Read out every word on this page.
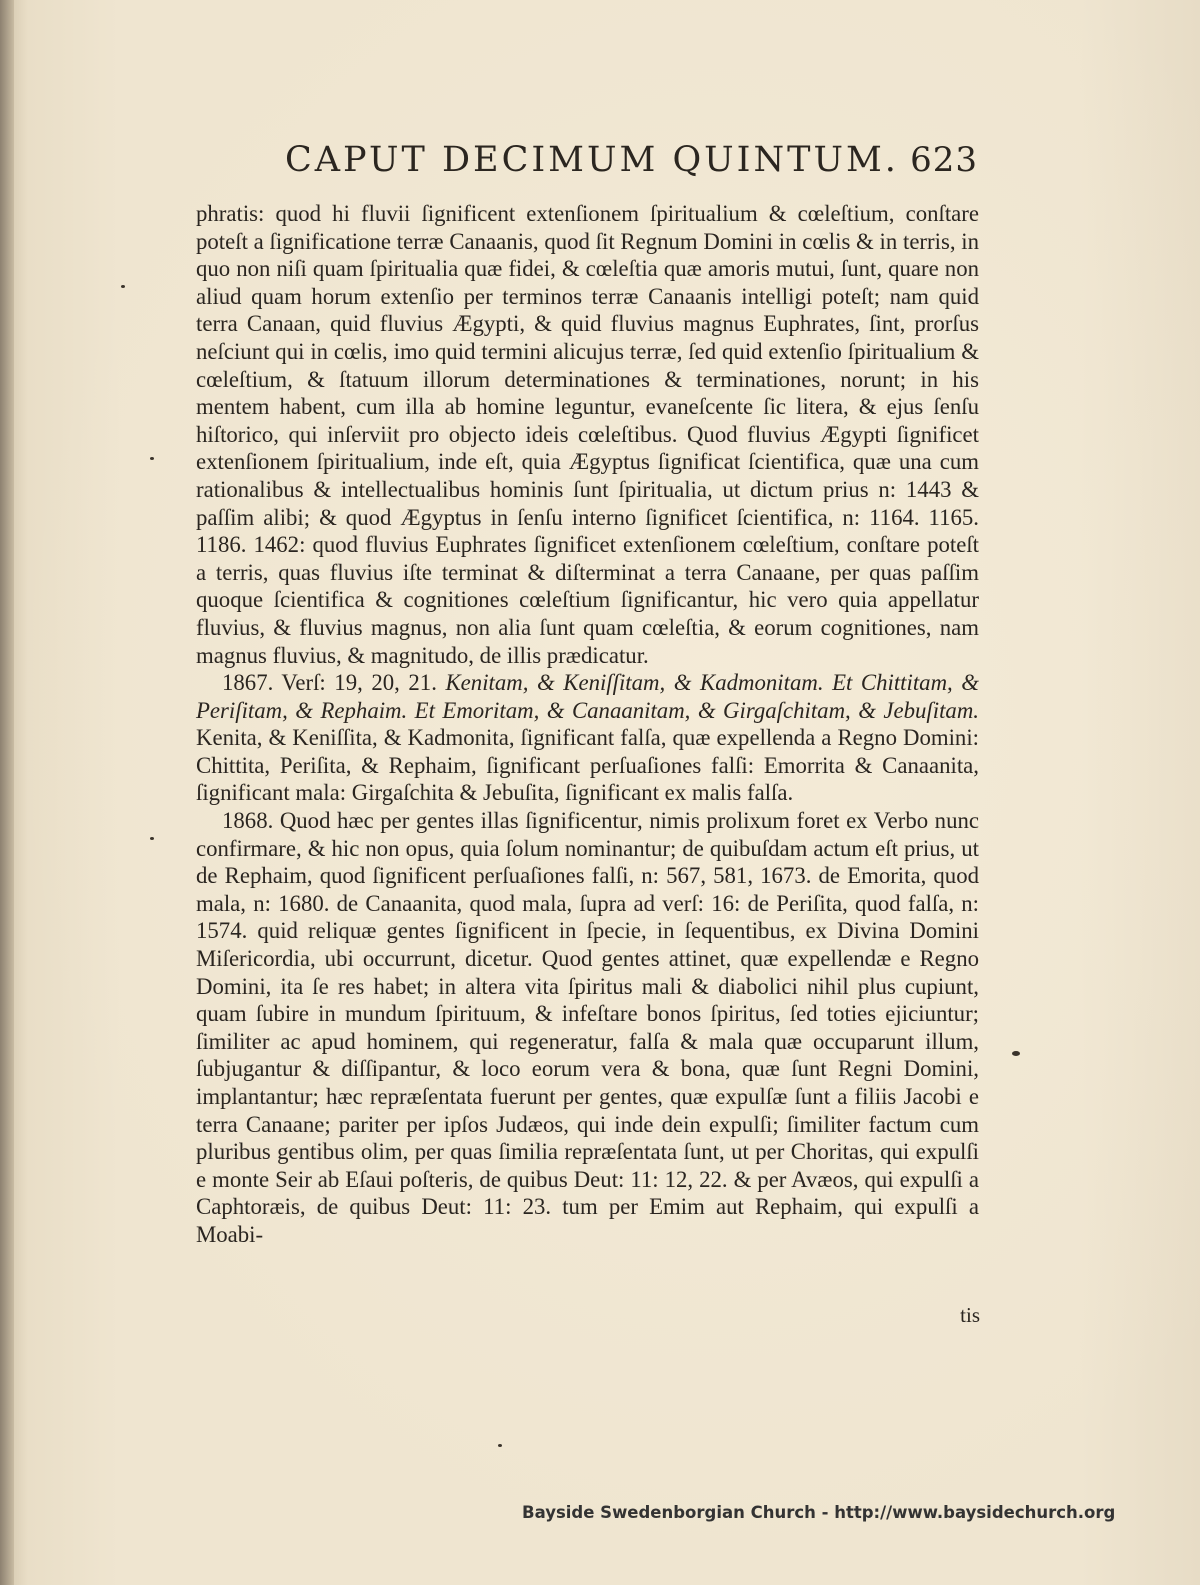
CAPUT DECIMUM QUINTUM. 623

phratis: quod hi fluvii ſignificent extenſionem ſpiritualium & cœleſtium, conſtare poteſt a ſignificatione terræ Canaanis, quod ſit Regnum Domini in cœlis & in terris, in quo non niſi quam ſpiritualia quæ fidei, & cœleſtia quæ amoris mutui, ſunt, quare non aliud quam horum extenſio per terminos terræ Canaanis intelligi poteſt; nam quid terra Canaan, quid fluvius Ægypti, & quid fluvius magnus Euphrates, ſint, prorſus neſciunt qui in cœlis, imo quid termini alicujus terræ, ſed quid extenſio ſpiritualium & cœleſtium, & ſtatuum illorum determinationes & terminationes, norunt; in his mentem habent, cum illa ab homine leguntur, evaneſcente ſic litera, & ejus ſenſu hiſtorico, qui inſerviit pro objecto ideis cœleſtibus. Quod fluvius Ægypti ſignificet extenſionem ſpiritualium, inde eſt, quia Ægyptus ſignificat ſcientifica, quæ una cum rationalibus & intellectualibus hominis ſunt ſpiritualia, ut dictum prius n: 1443 & paſſim alibi; & quod Ægyptus in ſenſu interno ſignificet ſcientifica, n: 1164. 1165. 1186. 1462: quod fluvius Euphrates ſignificet extenſionem cœleſtium, conſtare poteſt a terris, quas fluvius iſte terminat & diſterminat a terra Canaane, per quas paſſim quoque ſcientifica & cognitiones cœleſtium ſignificantur, hic vero quia appellatur fluvius, & fluvius magnus, non alia ſunt quam cœleſtia, & eorum cognitiones, nam magnus fluvius, & magnitudo, de illis prædicatur.

1867. Verſ: 19, 20, 21. Kenitam, & Keniſſitam, & Kadmonitam. Et Chittitam, & Periſitam, & Rephaim. Et Emoritam, & Canaanitam, & Girgaſchitam, & Jebuſitam. Kenita, & Keniſſita, & Kadmonita, ſignificant falſa, quæ expellenda a Regno Domini: Chittita, Periſita, & Rephaim, ſignificant perſuaſiones falſi: Emorrita & Canaanita, ſignificant mala: Girgaſchita & Jebuſita, ſignificant ex malis falſa.

1868. Quod hæc per gentes illas ſignificentur, nimis prolixum foret ex Verbo nunc confirmare, & hic non opus, quia ſolum nominantur; de quibuſdam actum eſt prius, ut de Rephaim, quod ſignificent perſuaſiones falſi, n: 567, 581, 1673. de Emorita, quod mala, n: 1680. de Canaanita, quod mala, ſupra ad verſ: 16: de Periſita, quod falſa, n: 1574. quid reliquæ gentes ſignificent in ſpecie, in ſequentibus, ex Divina Domini Miſericordia, ubi occurrunt, dicetur. Quod gentes attinet, quæ expellendæ e Regno Domini, ita ſe res habet; in altera vita ſpiritus mali & diabolici nihil plus cupiunt, quam ſubire in mundum ſpirituum, & infeſtare bonos ſpiritus, ſed toties ejiciuntur; ſimiliter ac apud hominem, qui regeneratur, falſa & mala quæ occuparunt illum, ſubjugantur & diſſipantur, & loco eorum vera & bona, quæ ſunt Regni Domini, implantantur; hæc repræſentata fuerunt per gentes, quæ expulſæ ſunt a filiis Jacobi e terra Canaane; pariter per ipſos Judæos, qui inde dein expulſi; ſimiliter factum cum pluribus gentibus olim, per quas ſimilia repræſentata ſunt, ut per Choritas, qui expulſi e monte Seir ab Eſaui poſteris, de quibus Deut: 11: 12, 22. & per Avæos, qui expulſi a Caphtoræis, de quibus Deut: 11: 23. tum per Emim aut Rephaim, qui expulſi a Moabi-

tis
Bayside Swedenborgian Church - http://www.baysidechurch.org
